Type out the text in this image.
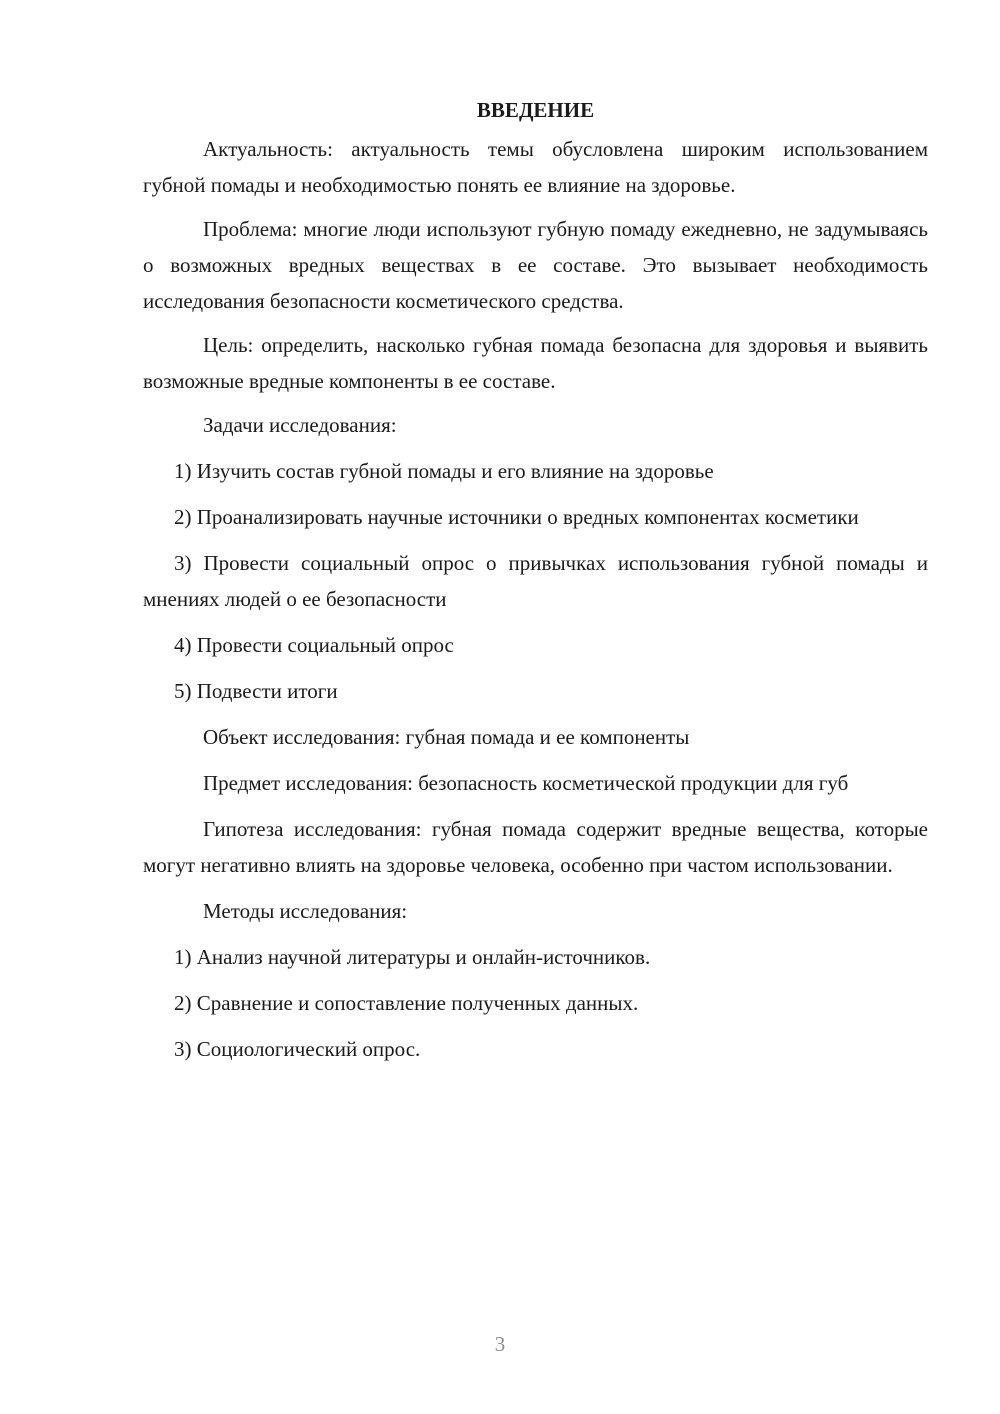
ВВЕДЕНИЕ

Актуальность: актуальность темы обусловлена широким использованием губной помады и необходимостью понять ее влияние на здоровье.

Проблема: многие люди используют губную помаду ежедневно, не задумываясь о возможных вредных веществах в ее составе. Это вызывает необходимость исследования безопасности косметического средства.

Цель: определить, насколько губная помада безопасна для здоровья и выявить возможные вредные компоненты в ее составе.

Задачи исследования:

1) Изучить состав губной помады и его влияние на здоровье

2) Проанализировать научные источники о вредных компонентах косметики

3) Провести социальный опрос о привычках использования губной помады и мнениях людей о ее безопасности

4) Провести социальный опрос

5) Подвести итоги

Объект исследования: губная помада и ее компоненты

Предмет исследования: безопасность косметической продукции для губ

Гипотеза исследования: губная помада содержит вредные вещества, которые могут негативно влиять на здоровье человека, особенно при частом использовании.

Методы исследования:

1) Анализ научной литературы и онлайн-источников.

2) Сравнение и сопоставление полученных данных.

3) Социологический опрос.

3
